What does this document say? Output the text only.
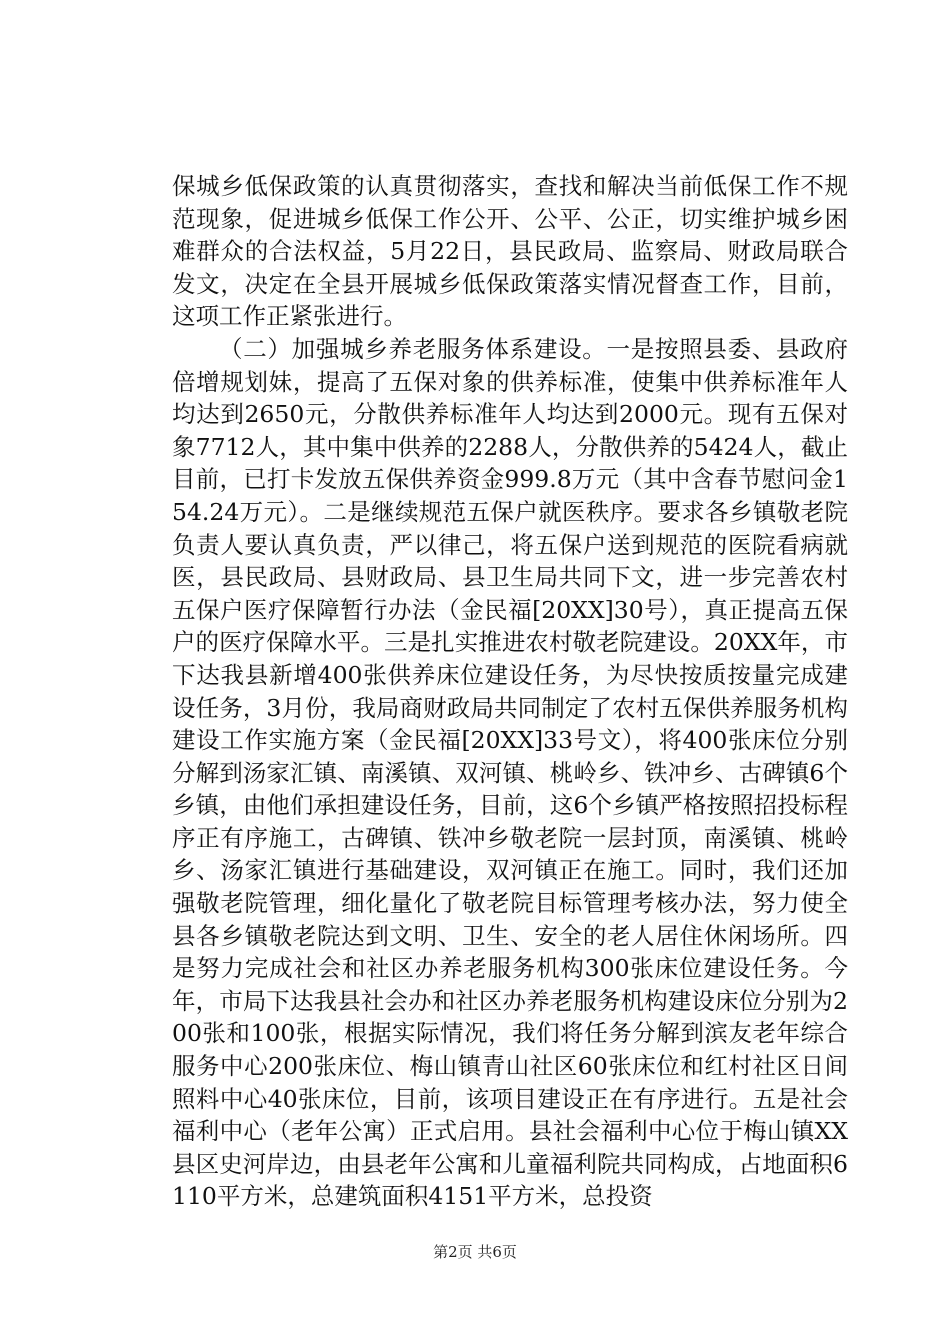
保城乡低保政策的认真贯彻落实，查找和解决当前低保工作不规范现象，促进城乡低保工作公开、公平、公正，切实维护城乡困难群众的合法权益，5月22日，县民政局、监察局、财政局联合发文，决定在全县开展城乡低保政策落实情况督查工作，目前，这项工作正紧张进行。

（二）加强城乡养老服务体系建设。一是按照县委、县政府倍增规划妹，提高了五保对象的供养标准，使集中供养标准年人均达到2650元，分散供养标准年人均达到2000元。现有五保对象7712人，其中集中供养的2288人，分散供养的5424人，截止目前，已打卡发放五保供养资金999.8万元（其中含春节慰问金154.24万元）。二是继续规范五保户就医秩序。要求各乡镇敬老院负责人要认真负责，严以律己，将五保户送到规范的医院看病就医，县民政局、县财政局、县卫生局共同下文，进一步完善农村五保户医疗保障暂行办法（金民福[20XX]30号），真正提高五保户的医疗保障水平。三是扎实推进农村敬老院建设。20XX年，市下达我县新增400张供养床位建设任务，为尽快按质按量完成建设任务，3月份，我局商财政局共同制定了农村五保供养服务机构建设工作实施方案（金民福[20XX]33号文），将400张床位分别分解到汤家汇镇、南溪镇、双河镇、桃岭乡、铁冲乡、古碑镇6个乡镇，由他们承担建设任务，目前，这6个乡镇严格按照招投标程序正有序施工，古碑镇、铁冲乡敬老院一层封顶，南溪镇、桃岭乡、汤家汇镇进行基础建设，双河镇正在施工。同时，我们还加强敬老院管理，细化量化了敬老院目标管理考核办法，努力使全县各乡镇敬老院达到文明、卫生、安全的老人居住休闲场所。四是努力完成社会和社区办养老服务机构300张床位建设任务。今年，市局下达我县社会办和社区办养老服务机构建设床位分别为200张和100张，根据实际情况，我们将任务分解到滨友老年综合服务中心200张床位、梅山镇青山社区60张床位和红村社区日间照料中心40张床位，目前，该项目建设正在有序进行。五是社会福利中心（老年公寓）正式启用。县社会福利中心位于梅山镇XX县区史河岸边，由县老年公寓和儿童福利院共同构成，占地面积6110平方米，总建筑面积4151平方米，总投资

第2页 共6页
